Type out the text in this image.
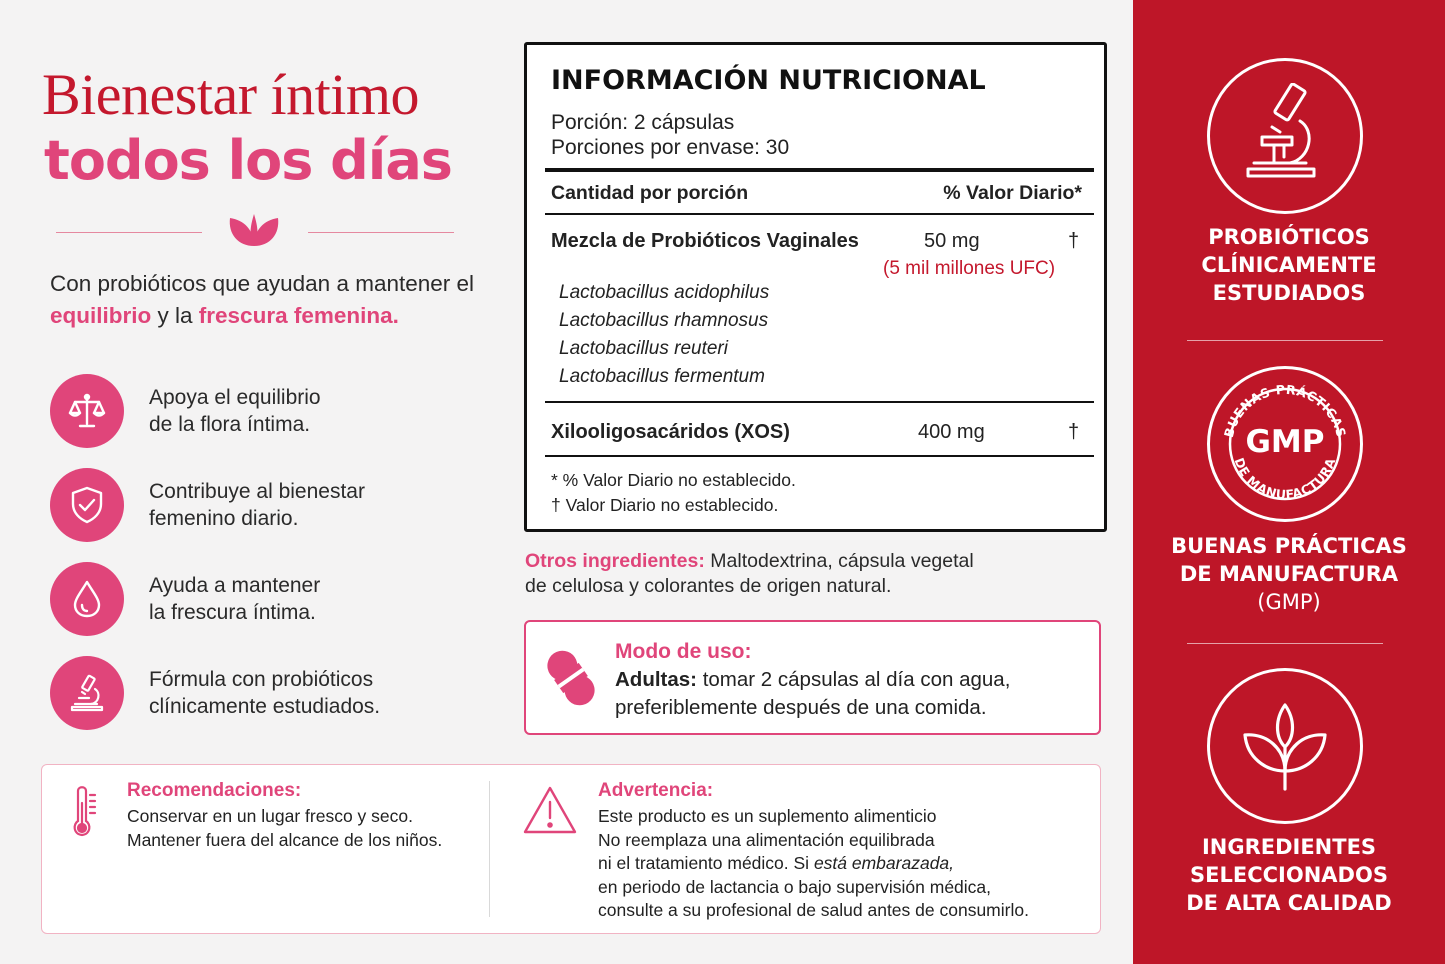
Bienestar íntimo
todos los días
Con probióticos que ayudan a mantener el equilibrio y la frescura femenina.
Apoya el equilibrio
de la flora íntima.
Contribuye al bienestar
femenino diario.
Ayuda a mantener
la frescura íntima.
Fórmula con probióticos
clínicamente estudiados.
INFORMACIÓN NUTRICIONAL
Porción: 2 cápsulas
Porciones por envase: 30
Cantidad por porción	% Valor Diario*
Mezcla de Probióticos Vaginales	50 mg	†
(5 mil millones UFC)
Lactobacillus acidophilus
Lactobacillus rhamnosus
Lactobacillus reuteri
Lactobacillus fermentum
Xilooligosacáridos (XOS)	400 mg	†
* % Valor Diario no establecido.
† Valor Diario no establecido.
Otros ingredientes: Maltodextrina, cápsula vegetal
de celulosa y colorantes de origen natural.
Modo de uso:
Adultas: tomar 2 cápsulas al día con agua,
preferiblemente después de una comida.
Recomendaciones:
Conservar en un lugar fresco y seco.
Mantener fuera del alcance de los niños.
Advertencia:
Este producto es un suplemento alimenticio
No reemplaza una alimentación equilibrada
ni el tratamiento médico. Si está embarazada,
en periodo de lactancia o bajo supervisión médica,
consulte a su profesional de salud antes de consumirlo.
PROBIÓTICOS
CLÍNICAMENTE
ESTUDIADOS
BUENAS PRÁCTICAS
DE MANUFACTURA
GMP
BUENAS PRÁCTICAS
DE MANUFACTURA
(GMP)
INGREDIENTES
SELECCIONADOS
DE ALTA CALIDAD
